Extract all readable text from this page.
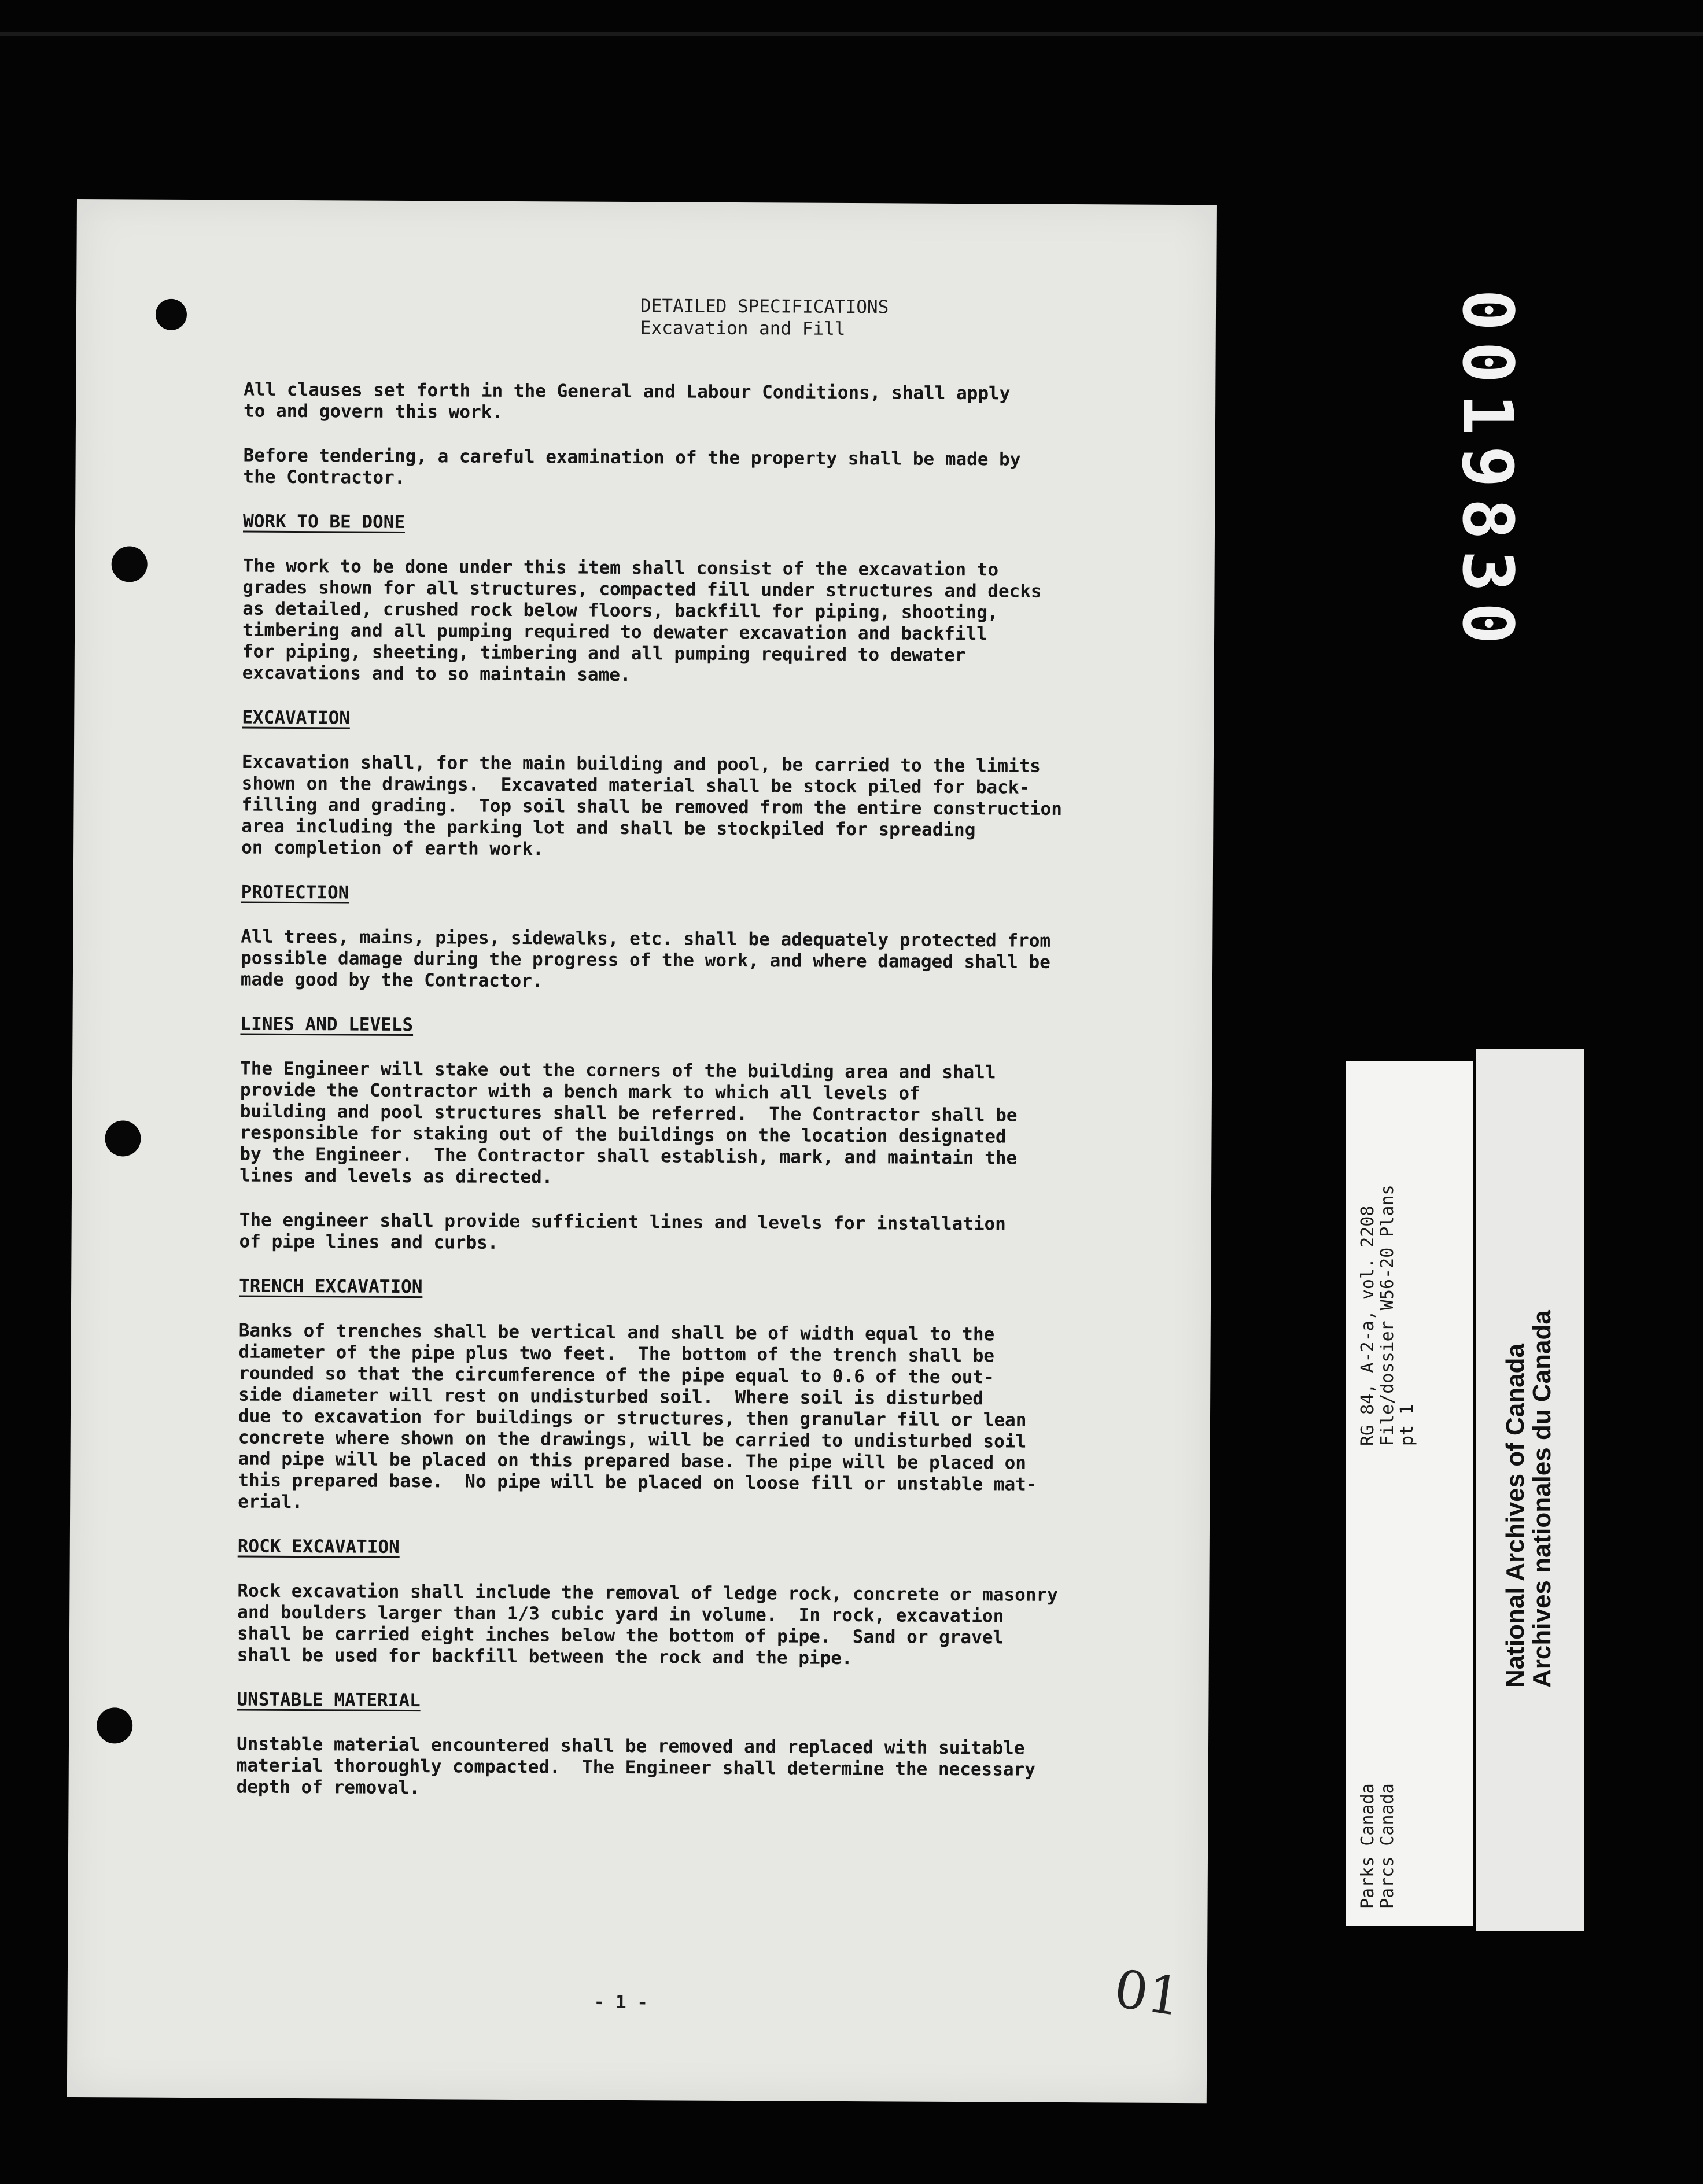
DETAILED SPECIFICATIONS
Excavation and Fill
All clauses set forth in the General and Labour Conditions, shall apply
to and govern this work.
Before tendering, a careful examination of the property shall be made by
the Contractor.
WORK TO BE DONE
The work to be done under this item shall consist of the excavation to
grades shown for all structures, compacted fill under structures and decks
as detailed, crushed rock below floors, backfill for piping, shooting,
timbering and all pumping required to dewater excavation and backfill
for piping, sheeting, timbering and all pumping required to dewater
excavations and to so maintain same.
EXCAVATION
Excavation shall, for the main building and pool, be carried to the limits
shown on the drawings.  Excavated material shall be stock piled for back-
filling and grading.  Top soil shall be removed from the entire construction
area including the parking lot and shall be stockpiled for spreading
on completion of earth work.
PROTECTION
All trees, mains, pipes, sidewalks, etc. shall be adequately protected from
possible damage during the progress of the work, and where damaged shall be
made good by the Contractor.
LINES AND LEVELS
The Engineer will stake out the corners of the building area and shall
provide the Contractor with a bench mark to which all levels of
building and pool structures shall be referred.  The Contractor shall be
responsible for staking out of the buildings on the location designated
by the Engineer.  The Contractor shall establish, mark, and maintain the
lines and levels as directed.
The engineer shall provide sufficient lines and levels for installation
of pipe lines and curbs.
TRENCH EXCAVATION
Banks of trenches shall be vertical and shall be of width equal to the
diameter of the pipe plus two feet.  The bottom of the trench shall be
rounded so that the circumference of the pipe equal to 0.6 of the out-
side diameter will rest on undisturbed soil.  Where soil is disturbed
due to excavation for buildings or structures, then granular fill or lean
concrete where shown on the drawings, will be carried to undisturbed soil
and pipe will be placed on this prepared base. The pipe will be placed on
this prepared base.  No pipe will be placed on loose fill or unstable mat-
erial.
ROCK EXCAVATION
Rock excavation shall include the removal of ledge rock, concrete or masonry
and boulders larger than 1/3 cubic yard in volume.  In rock, excavation
shall be carried eight inches below the bottom of pipe.  Sand or gravel
shall be used for backfill between the rock and the pipe.
UNSTABLE MATERIAL
Unstable material encountered shall be removed and replaced with suitable
material thoroughly compacted.  The Engineer shall determine the necessary
depth of removal.
- 1 -	01
0019830
Parks Canada Parcs Canada
RG 84, A-2-a, vol. 2208 File/dossier W56-20 Plans pt 1	National Archives of Canada
Archives nationales du Canada
